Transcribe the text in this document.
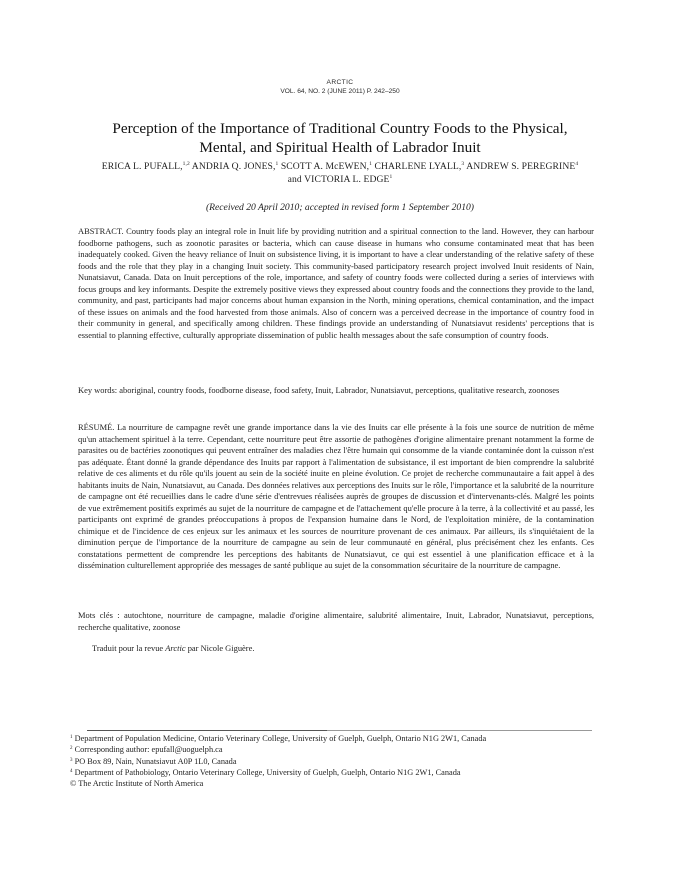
ARCTIC
VOL. 64, NO. 2 (JUNE 2011) P. 242–250
Perception of the Importance of Traditional Country Foods to the Physical,
Mental, and Spiritual Health of Labrador Inuit
ERICA L. PUFALL,$^{1,2}$ ANDRIA Q. JONES,$^1$ SCOTT A. McEWEN,$^1$ CHARLENE LYALL,$^3$ ANDREW S. PEREGRINE$^4$
and VICTORIA L. EDGE$^1$
(Received 20 April 2010; accepted in revised form 1 September 2010)
ABSTRACT. Country foods play an integral role in Inuit life by providing nutrition and a spiritual connection to the land. However, they can harbour foodborne pathogens, such as zoonotic parasites or bacteria, which can cause disease in humans who consume contaminated meat that has been inadequately cooked. Given the heavy reliance of Inuit on subsistence living, it is important to have a clear understanding of the relative safety of these foods and the role that they play in a changing Inuit society. This community-based participatory research project involved Inuit residents of Nain, Nunatsiavut, Canada. Data on Inuit perceptions of the role, importance, and safety of country foods were collected during a series of interviews with focus groups and key informants. Despite the extremely positive views they expressed about country foods and the connections they provide to the land, community, and past, participants had major concerns about human expansion in the North, mining operations, chemical contamination, and the impact of these issues on animals and the food harvested from those animals. Also of concern was a perceived decrease in the importance of country food in their community in general, and specifically among children. These findings provide an understanding of Nunatsiavut residents' perceptions that is essential to planning effective, culturally appropriate dissemination of public health messages about the safe consumption of country foods.
Key words: aboriginal, country foods, foodborne disease, food safety, Inuit, Labrador, Nunatsiavut, perceptions, qualitative research, zoonoses
RÉSUMÉ. La nourriture de campagne revêt une grande importance dans la vie des Inuits car elle présente à la fois une source de nutrition de même qu'un attachement spirituel à la terre. Cependant, cette nourriture peut être assortie de pathogènes d'origine alimentaire prenant notamment la forme de parasites ou de bactéries zoonotiques qui peuvent entraîner des maladies chez l'être humain qui consomme de la viande contaminée dont la cuisson n'est pas adéquate. Étant donné la grande dépendance des Inuits par rapport à l'alimentation de subsistance, il est important de bien comprendre la salubrité relative de ces aliments et du rôle qu'ils jouent au sein de la société inuite en pleine évolution. Ce projet de recherche communautaire a fait appel à des habitants inuits de Nain, Nunatsiavut, au Canada. Des données relatives aux perceptions des Inuits sur le rôle, l'importance et la salubrité de la nourriture de campagne ont été recueillies dans le cadre d'une série d'entrevues réalisées auprès de groupes de discussion et d'intervenants-clés. Malgré les points de vue extrêmement positifs exprimés au sujet de la nourriture de campagne et de l'attachement qu'elle procure à la terre, à la collectivité et au passé, les participants ont exprimé de grandes préoccupations à propos de l'expansion humaine dans le Nord, de l'exploitation minière, de la contamination chimique et de l'incidence de ces enjeux sur les animaux et les sources de nourriture provenant de ces animaux. Par ailleurs, ils s'inquiétaient de la diminution perçue de l'importance de la nourriture de campagne au sein de leur communauté en général, plus précisément chez les enfants. Ces constatations permettent de comprendre les perceptions des habitants de Nunatsiavut, ce qui est essentiel à une planification efficace et à la dissémination culturellement appropriée des messages de santé publique au sujet de la consommation sécuritaire de la nourriture de campagne.
Mots clés : autochtone, nourriture de campagne, maladie d'origine alimentaire, salubrité alimentaire, Inuit, Labrador, Nunatsiavut, perceptions, recherche qualitative, zoonose
Traduit pour la revue Arctic par Nicole Giguère.
$^1$ Department of Population Medicine, Ontario Veterinary College, University of Guelph, Guelph, Ontario N1G 2W1, Canada
$^2$ Corresponding author: epufall@uoguelph.ca
$^3$ PO Box 89, Nain, Nunatsiavut A0P 1L0, Canada
$^4$ Department of Pathobiology, Ontario Veterinary College, University of Guelph, Guelph, Ontario N1G 2W1, Canada
© The Arctic Institute of North America
